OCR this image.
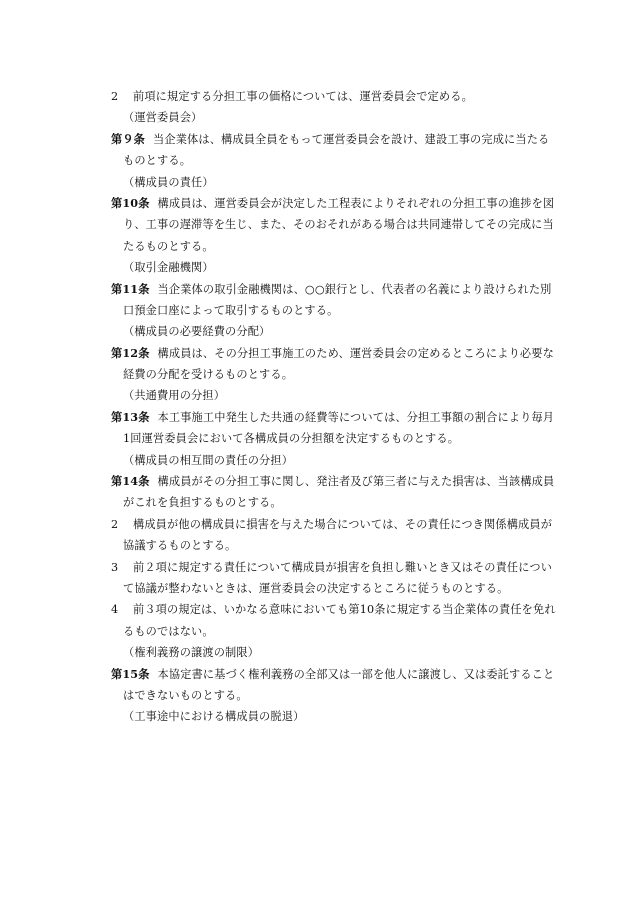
2 前項に規定する分担工事の価格については、運営委員会で定める。
（運営委員会）
第９条 当企業体は、構成員全員をもって運営委員会を設け、建設工事の完成に当たる
ものとする。
（構成員の責任）
第10条 構成員は、運営委員会が決定した工程表によりそれぞれの分担工事の進捗を図
り、工事の遅滞等を生じ、また、そのおそれがある場合は共同連帯してその完成に当
たるものとする。
（取引金融機関）
第11条 当企業体の取引金融機関は、○○銀行とし、代表者の名義により設けられた別
口預金口座によって取引するものとする。
（構成員の必要経費の分配）
第12条 構成員は、その分担工事施工のため、運営委員会の定めるところにより必要な
経費の分配を受けるものとする。
（共通費用の分担）
第13条 本工事施工中発生した共通の経費等については、分担工事額の割合により毎月
1回運営委員会において各構成員の分担額を決定するものとする。
（構成員の相互間の責任の分担）
第14条 構成員がその分担工事に関し、発注者及び第三者に与えた損害は、当該構成員
がこれを負担するものとする。
2 構成員が他の構成員に損害を与えた場合については、その責任につき関係構成員が
協議するものとする。
3 前２項に規定する責任について構成員が損害を負担し難いとき又はその責任につい
て協議が整わないときは、運営委員会の決定するところに従うものとする。
4 前３項の規定は、いかなる意味においても第10条に規定する当企業体の責任を免れ
るものではない。
（権利義務の譲渡の制限）
第15条 本協定書に基づく権利義務の全部又は一部を他人に譲渡し、又は委託すること
はできないものとする。
（工事途中における構成員の脱退）
